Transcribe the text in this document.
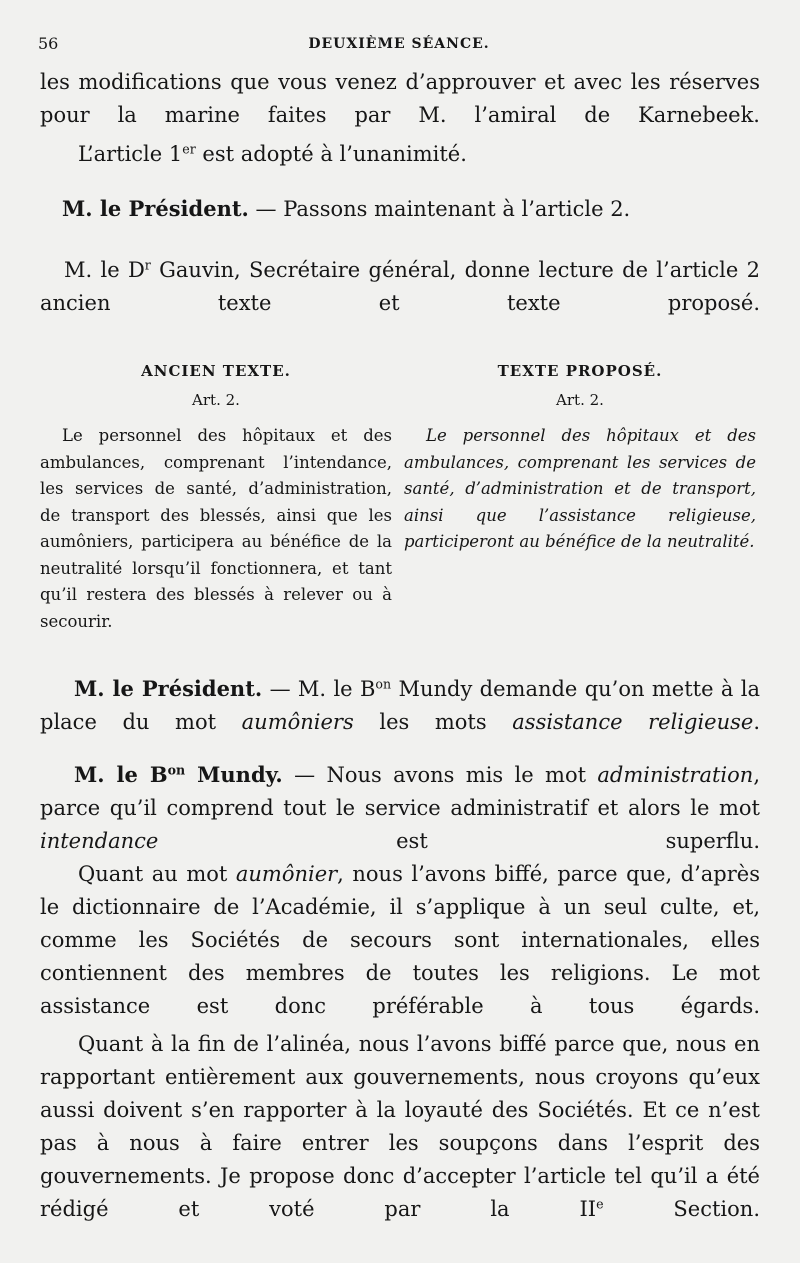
56	DEUXIÈME SÉANCE.

les modifications que vous venez d’approuver et avec les réserves pour la marine faites par M. l’amiral de Karnebeek.

L’article 1er est adopté à l’unanimité.

M. le Président. — Passons maintenant à l’article 2.

M. le $D^r$ Gauvin, Secrétaire général, donne lecture de l’article 2 ancien texte et texte proposé.

ANCIEN TEXTE.
Art. 2.
Le personnel des hôpitaux et des ambulances, comprenant l’intendance, les services de santé, d’administration, de transport des blessés, ainsi que les aumôniers, participera au bénéfice de la neutralité lorsqu’il fonctionnera, et tant qu’il restera des blessés à relever ou à secourir.
TEXTE PROPOSÉ.
Art. 2.
Le personnel des hôpitaux et des ambulances, comprenant les services de santé, d’administration et de transport, ainsi que l’assistance religieuse, participeront au bénéfice de la neutralité.

M. le Président. — M. le $B^{on}$ Mundy demande qu’on mette à la place du mot aumôniers les mots assistance religieuse.

M. le $B^{on}$ Mundy. — Nous avons mis le mot administration, parce qu’il comprend tout le service administratif et alors le mot intendance est superflu.

Quant au mot aumônier, nous l’avons biffé, parce que, d’après le dictionnaire de l’Académie, il s’applique à un seul culte, et, comme les Sociétés de secours sont internationales, elles contiennent des membres de toutes les religions. Le mot assistance est donc préférable à tous égards.

Quant à la fin de l’alinéa, nous l’avons biffé parce que, nous en rapportant entièrement aux gouvernements, nous croyons qu’eux aussi doivent s’en rapporter à la loyauté des Sociétés. Et ce n’est pas à nous à faire entrer les soupçons dans l’esprit des gouvernements. Je propose donc d’accepter l’article tel qu’il a été rédigé et voté par la IIe Section.
